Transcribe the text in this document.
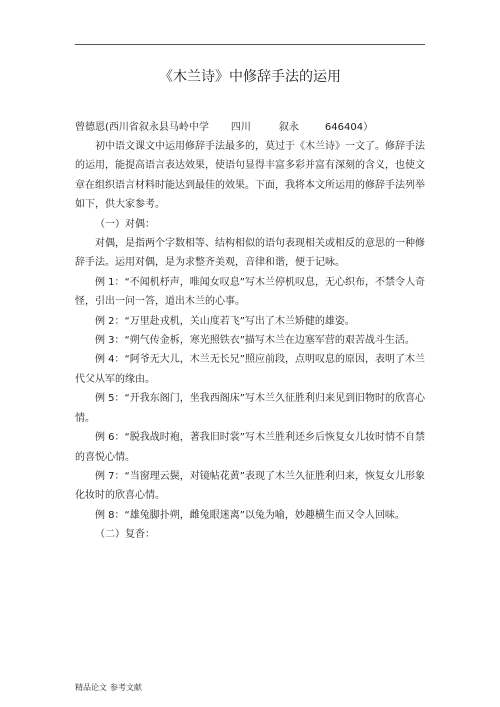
《木兰诗》中修辞手法的运用
曾德恩(西川省叙永县马岭中学 四川	叙永	646404）

初中语文课文中运用修辞手法最多的，莫过于《木兰诗》一文了。修辞手法的运用，能提高语言表达效果，使语句显得丰富多彩并富有深刻的含义，也使文章在组织语言材料时能达到最佳的效果。下面，我将本文所运用的修辞手法列举如下，供大家参考。

（一）对偶：

对偶，是指两个字数相等、结构相似的语句表现相关或相反的意思的一种修辞手法。运用对偶，是为求整齐美观，音律和谐，便于记咏。

例 1：“不闻机杼声，唯闻女叹息”写木兰停机叹息，无心织布，不禁令人奇怪，引出一问一答，道出木兰的心事。

例 2：“万里赴戎机，关山度若飞”写出了木兰矫健的雄姿。

例 3：“朔气传金柝，寒光照铁衣”描写木兰在边塞军营的艰苦战斗生活。

例 4：“阿爷无大儿，木兰无长兄”照应前段，点明叹息的原因，表明了木兰代父从军的缘由。

例 5：“开我东阁门，坐我西阁床”写木兰久征胜利归来见到旧物时的欣喜心情。

例 6：“脱我战时袍，著我旧时裳”写木兰胜利还乡后恢复女儿妆时情不自禁的喜悦心情。

例 7：“当窗理云鬓，对镜帖花黄”表现了木兰久征胜利归来，恢复女儿形象化妆时的欣喜心情。

例 8：“雄兔脚扑朔，雌兔眼迷离”以兔为喻，妙趣横生而又令人回味。

（二）复沓：

精品论文 参考文献
